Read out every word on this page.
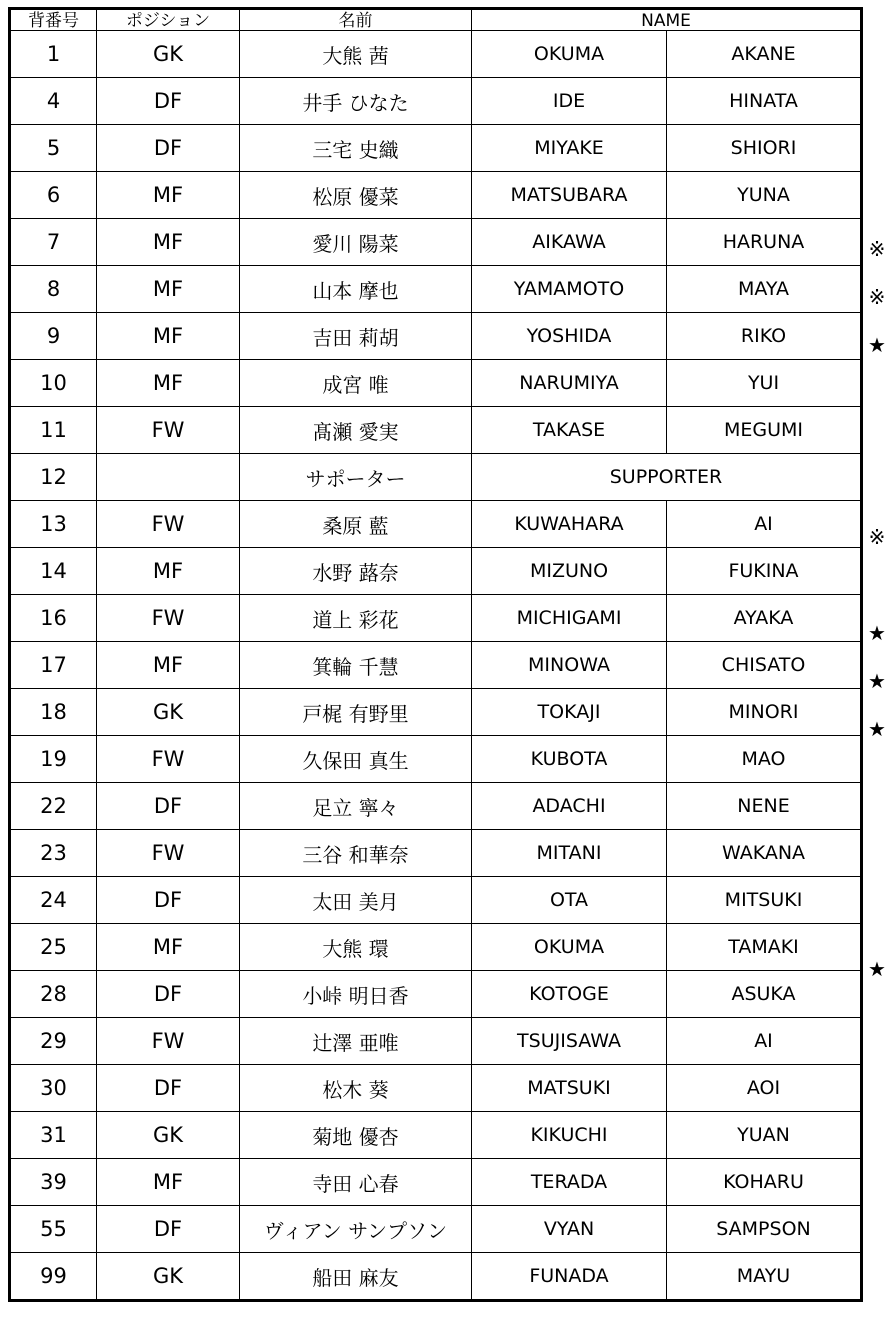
背番号	ポジション	名前	NAME	
1	GK	大熊 茜	OKUMA	AKANE
4	DF	井手 ひなた	IDE	HINATA
5	DF	三宅 史織	MIYAKE	SHIORI
6	MF	松原 優菜	MATSUBARA	YUNA
7	MF	愛川 陽菜	AIKAWA	HARUNA
8	MF	山本 摩也	YAMAMOTO	MAYA
9	MF	吉田 莉胡	YOSHIDA	RIKO
10	MF	成宮 唯	NARUMIYA	YUI
11	FW	髙瀬 愛実	TAKASE	MEGUMI
12		サポーター	SUPPORTER	
13	FW	桑原 藍	KUWAHARA	AI
14	MF	水野 蕗奈	MIZUNO	FUKINA
16	FW	道上 彩花	MICHIGAMI	AYAKA
17	MF	箕輪 千慧	MINOWA	CHISATO
18	GK	戸梶 有野里	TOKAJI	MINORI
19	FW	久保田 真生	KUBOTA	MAO
22	DF	足立 寧々	ADACHI	NENE
23	FW	三谷 和華奈	MITANI	WAKANA
24	DF	太田 美月	OTA	MITSUKI
25	MF	大熊 環	OKUMA	TAMAKI
28	DF	小峠 明日香	KOTOGE	ASUKA
29	FW	辻澤 亜唯	TSUJISAWA	AI
30	DF	松木 葵	MATSUKI	AOI
31	GK	菊地 優杏	KIKUCHI	YUAN
39	MF	寺田 心春	TERADA	KOHARU
55	DF	ヴィアン サンプソン	VYAN	SAMPSON
99	GK	船田 麻友	FUNADA	MAYU
※
※
★
※
★
★
★
★
